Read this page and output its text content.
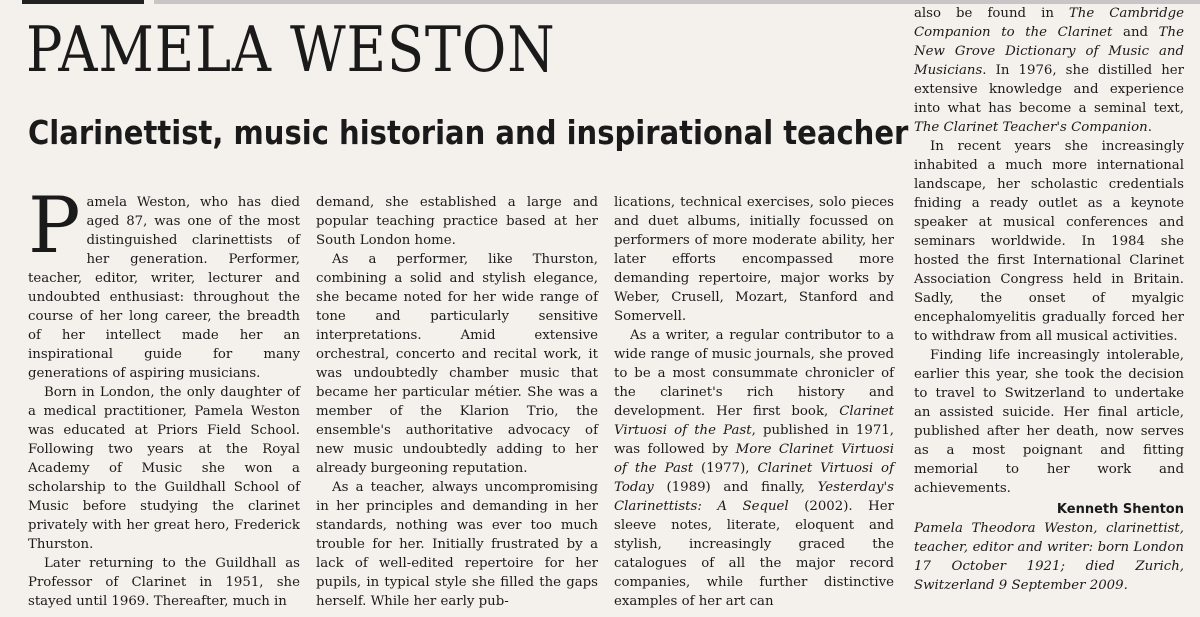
PAMELA WESTON
Clarinettist, music historian and inspirational teacher

Pamela Weston, who has died aged 87, was one of the most distinguished clarinettists of her generation. Performer, teacher, editor, writer, lecturer and undoubted enthusiast: throughout the course of her long career, the breadth of her intellect made her an inspirational guide for many generations of aspiring musicians.

Born in London, the only daughter of a medical practitioner, Pamela Weston was educated at Priors Field School. Following two years at the Royal Academy of Music she won a scholarship to the Guildhall School of Music before studying the clarinet privately with her great hero, Frederick Thurston.

Later returning to the Guildhall as Professor of Clarinet in 1951, she stayed until 1969. Thereafter, much in

demand, she established a large and popular teaching practice based at her South London home.

As a performer, like Thurston, combining a solid and stylish elegance, she became noted for her wide range of tone and particularly sensitive interpretations. Amid extensive orchestral, concerto and recital work, it was undoubtedly chamber music that became her particular métier. She was a member of the Klarion Trio, the ensemble's authoritative advocacy of new music undoubtedly adding to her already burgeoning reputation.

As a teacher, always uncompromising in her principles and demanding in her standards, nothing was ever too much trouble for her. Initially frustrated by a lack of well-edited repertoire for her pupils, in typical style she filled the gaps herself. While her early pub-

lications, technical exercises, solo pieces and duet albums, initially focussed on performers of more moderate ability, her later efforts encompassed more demanding repertoire, major works by Weber, Crusell, Mozart, Stanford and Somervell.

As a writer, a regular contributor to a wide range of music journals, she proved to be a most consummate chronicler of the clarinet's rich history and development. Her first book, Clarinet Virtuosi of the Past, published in 1971, was followed by More Clarinet Virtuosi of the Past (1977), Clarinet Virtuosi of Today (1989) and finally, Yesterday's Clarinettists: A Sequel (2002). Her sleeve notes, literate, eloquent and stylish, increasingly graced the catalogues of all the major record companies, while further distinctive examples of her art can

also be found in The Cambridge Companion to the Clarinet and The New Grove Dictionary of Music and Musicians. In 1976, she distilled her extensive knowledge and experience into what has become a seminal text, The Clarinet Teacher's Companion.

In recent years she increasingly inhabited a much more international landscape, her scholastic credentials fniding a ready outlet as a keynote speaker at musical conferences and seminars worldwide. In 1984 she hosted the first International Clarinet Association Congress held in Britain. Sadly, the onset of myalgic encephalomyelitis gradually forced her to withdraw from all musical activities.

Finding life increasingly intolerable, earlier this year, she took the decision to travel to Switzerland to undertake an assisted suicide. Her final article, published after her death, now serves as a most poignant and fitting memorial to her work and achievements.

Kenneth Shenton

Pamela Theodora Weston, clarinettist, teacher, editor and writer: born London 17 October 1921; died Zurich, Switzerland 9 September 2009.
